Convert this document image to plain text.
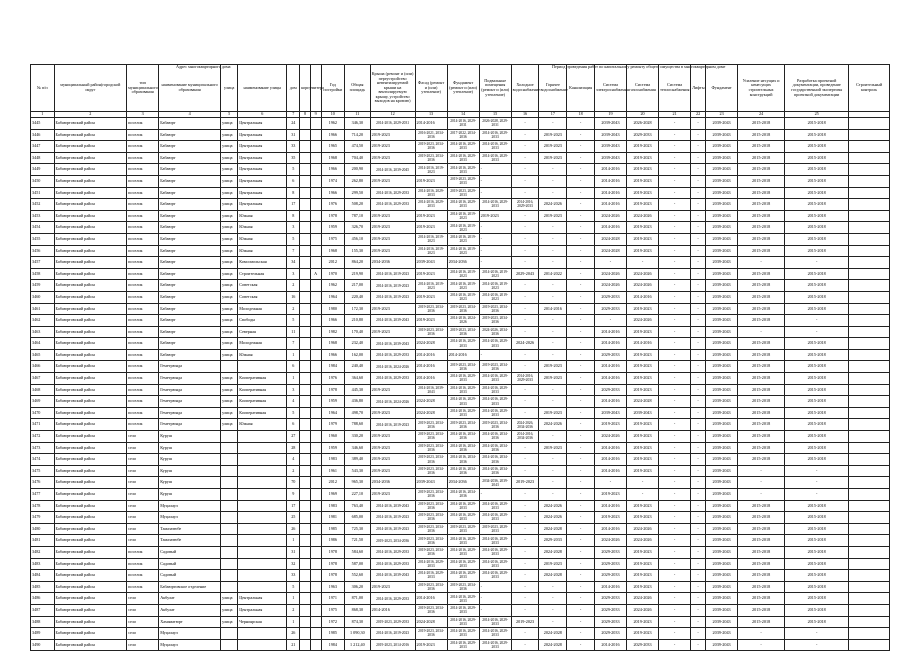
Адрес многоквартирного дома	Период проведения работ по капитальному ремонту общего имущества в многоквартирном доме
№ п/п	муниципальный район(городской округ	тип муниципального образования	наименование муниципального образования	улица	наименование улицы	дом	корпус	литера	Год постройки	Общая площадь	Крыша (ремонт и (или) переустройство невентилируемой крыши на вентилируемую крышу, устройство выходов на кровлю)	Фасад (ремонт и (или) утепление)	Фундамент (ремонт и (или) утепление)	Подвальные помещения (ремонт и (или) утепление)	Холодное водоснабжение	Горячее водоснабжение	Канализация	Система электроснабжения	Система газоснабжения	Система теплоснабжения	Лифты	Фундамент	Усиление несущих и ненесущих строительных конструкций	Разработка проектной документации, проведение государственной экспертизы проектной документации	Строительный контроль
1	2	3	4	5	6	7	8	9	10	11	12	13	14	15	16	17	18	19	20	21	22	23	24	25	
3445	Бабаюртовский район	поселок	Бабаюрт	улица	Центральная	24			1962	346,30	2014-2016, 2029-2031	2014-2016	2014-2016, 2029-2031	2026-2028, 2029-2031	-	-	-	2039-2043	2026-2028	-	-	2039-2043	2015-2018	2015-2018	
3446	Бабаюртовский район	поселок	Бабаюрт	улица	Центральная	31			1966	714,20	2019-2023	2016-2021, 2034-2036	2017-2022, 2034-2036	2014-2016, 2029-2033	-	2019-2023	-	2039-2043	2029-2033	-	-	2039-2043	2015-2018	2015-2018	
3447	Бабаюртовский район	поселок	Бабаюрт	улица	Центральная	33			1965	474,50	2019-2023	2019-2023, 2034-2036	2014-2016, 2029-2033	2014-2016, 2029-2033	-	2019-2023	-	2039-2043	2019-2023	-	-	2039-2043	2015-2018	2015-2018	
3448	Бабаюртовский район	поселок	Бабаюрт	улица	Центральная	35			1968	704,40	2019-2023	2019-2023, 2034-2036	2014-2016, 2029-2033	2014-2016, 2029-2033	-	2019-2023	-	2039-2043	2019-2023	-	-	2039-2043	2015-2018	2015-2018	
3449	Бабаюртовский район	поселок	Бабаюрт	улица	Центральная	5			1966	200,90	2014-2016, 2039-2045	2014-2016, 2019-2023	2014-2016, 2029-2033	-	-	-	-	2014-2016	2019-2023	-	-	2039-2043	2015-2018	2015-2018	
3450	Бабаюртовский район	поселок	Бабаюрт	улица	Центральная	6			1974	262,80	2019-2023	2019-2023	2019-2023, 2029-2033	-	-	-	-	2014-2016	2019-2023	-	-	2039-2043	2015-2018	2015-2018	
3451	Бабаюртовский район	поселок	Бабаюрт	улица	Центральная	8			1966	299,50	2014-2016, 2029-2033	2014-2016, 2029-2033	2019-2023, 2029-2033	-	-	-	-	2014-2016	2019-2023	-	-	2039-2043	2015-2018	2015-2018	
3452	Бабаюртовский район	поселок	Бабаюрт	улица	Центральная	17			1976	508,20	2014-2016, 2029-2033	2014-2016, 2029-2033	2014-2016, 2029-2033	2014-2016, 2029-2033	2014-2016, 2029-2033	2024-2026	-	2014-2016	2019-2023	-	-	2039-2043	2015-2018	2015-2018	
3453	Бабаюртовский район	поселок	Бабаюрт	улица	Южная	8			1978	787,10	2019-2023	2019-2023	2014-2016, 2019-2023	2019-2023	-	2019-2023	-	2024-2026	2024-2026	-	-	2039-2043	2015-2018	2015-2018	
3454	Бабаюртовский район	поселок	Бабаюрт	улица	Южная	3			1959	326,70	2019-2023	2019-2023	2014-2016, 2019-2023	-	-	-	-	2014-2016	2019-2023	-	-	2039-2043	2015-2018	2015-2018	
3455	Бабаюртовский район	поселок	Бабаюрт	улица	Южная	5			1975	456,10	2019-2023	2014-2016, 2019-2023	2014-2016, 2019-2023	-	-	-	-	2024-2028	2019-2023	-	-	2039-2043	2015-2018	2015-2018	
3456	Бабаюртовский район	поселок	Бабаюрт	улица	Южная	7			1968	155,30	2019-2023	2014-2016, 2019-2023	2014-2016, 2019-2023	-	-	-	-	2024-2028	2019-2023	-	-	2039-2043	2015-2018	2015-2018	
3457	Бабаюртовский район	поселок	Бабаюрт	улица	Комсомольская	34			2012	864,20	2034-2036	2039-2043	2034-2036	-	-	-	-	-	-	-	-	2039-2043	-	-	
3458	Бабаюртовский район	поселок	Бабаюрт	улица	Строительная	3		А	1970	219,90	2014-2016, 2019-2023	2019-2023	2014-2016, 2019-2023	2014-2016, 2019-2023	2029-2043	2014-2022	-	2024-2026	2024-2026	-	-	2039-2043	2015-2018	2015-2018	
3459	Бабаюртовский район	поселок	Бабаюрт	улица	Советская	2			1962	217,00	2014-2016, 2019-2023	2014-2016, 2019-2023	2014-2016, 2019-2023	2014-2016, 2019-2023	-	-	-	2024-2026	2024-2026	-	-	2039-2043	2015-2018	2015-2018	
3460	Бабаюртовский район	поселок	Бабаюрт	улица	Советская	16			1964	220,40	2014-2016, 2019-2023	2019-2023	2014-2016, 2019-2023	2014-2016, 2019-2023	-	-	-	2029-2033	2014-2016	-	-	2039-2043	2015-2018	2015-2018	
3461	Бабаюртовский район	поселок	Бабаюрт	улица	Молодежная	2			1980	172,30	2019-2023	2019-2023, 2034-2036	2019-2023, 2034-2036	2019-2023, 2034-2036	-	2014-2016	-	2029-2033	2019-2023	-	-	2039-2043	2015-2018	2015-2018	
3462	Бабаюртовский район	поселок	Бабаюрт	улица	Свободы	5			1966	210,80	2014-2016, 2039-2043	2019-2023	2014-2016, 2024-2026	2019-2023, 2034-2036	-	-	-	-	2024-2026	-	-	2039-2043	2015-2018	-	
3463	Бабаюртовский район	поселок	Бабаюрт	улица	Северная	11			1982	170,40	2019-2023	2019-2023, 2034-2036	2019-2023, 2034-2036	2024-2026, 2034-2036	-	-	-	2014-2016	2019-2023	-	-	2039-2043	-	-	
3464	Бабаюртовский район	поселок	Бабаюрт	улица	Молодежная	7			1968	232,40	2014-2016, 2039-2043	2024-2028	2014-2016, 2029-2033	2014-2016, 2029-2033	2024-2026	-	-	2014-2016	2014-2016	-	-	2039-2043	2015-2018	2015-2018	
3465	Бабаюртовский район	поселок	Бабаюрт	улица	Южная	1			1966	162,00	2014-2016, 2029-2033	2014-2016	2014-2016	-	-	-	-	2029-2033	2019-2023	-	-	2039-2043	2015-2018	2015-2018	
3466	Бабаюртовский район	поселок	Геметрюнда			6			1984	240,40	2014-2016, 2024-2026	2014-2016	2019-2023, 2034-2036	2019-2023, 2034-2036	-	2019-2023	-	2014-2016	2019-2023	-	-	2039-2043	2015-2018	2015-2018	
3467	Бабаюртовский район	поселок	Геметрюнда	улица	Кооперативная	1			1976	364,60	2014-2016, 2029-2033	2014-2016	2014-2016, 2029-2033	2014-2016, 2029-2033	2014-2016, 2029-2033	2019-2023	-	2014-2016	2019-2023	-	-	2039-2043	2015-2018	2015-2018	
3468	Бабаюртовский район	поселок	Геметрюнда	улица	Кооперативная	3			1978	445,30	2019-2023	2014-2016, 2039-2043	2014-2016, 2029-2033	2014-2016, 2029-2033	-	-	-	2029-2033	2019-2023	-	-	2039-2043	2015-2018	2015-2018	
3469	Бабаюртовский район	поселок	Геметрюнда	улица	Кооперативная	4			1959	436,80	2014-2016, 2024-2026	2024-2028	2014-2016, 2029-2033	2014-2016, 2029-2033	-	-	-	2014-2016	2024-2028	-	-	2039-2043	2015-2018	2015-2018	
3470	Бабаюртовский район	поселок	Геметрюнда	улица	Кооперативная	5			1964	498,70	2019-2023	2024-2028	2014-2016, 2029-2033	2014-2016, 2029-2033	-	2019-2023	-	2039-2043	2039-2043	-	-	2039-2043	2015-2018	2015-2018	
3471	Бабаюртовский район	поселок	Геметрюнда	улица	Южная	6			1979	788,60	2014-2016, 2019-2023	2019-2023, 2034-2036	2019-2023, 2034-2036	2019-2023, 2034-2036	2024-2026, 2034-2036	2024-2026	-	2019-2023	2019-2023	-	-	2039-2043	2015-2018	2015-2018	
3472	Бабаюртовский район	село	Куруш			27			1960	330,20	2019-2023	2019-2023, 2034-2036	2014-2016, 2034-2036	2014-2016, 2034-2036	2014-2016, 2034-2036	-	-	2024-2026	2019-2023	-	-	2039-2043	2015-2018	2015-2018	
3473	Бабаюртовский район	село	Куруш			28			1959	346,60	2019-2023	2019-2023, 2034-2036	2014-2016, 2034-2036	2014-2016, 2034-2036	-	2019-2023	-	2014-2016	2019-2023	-	-	2039-2043	2015-2018	2015-2018	
3474	Бабаюртовский район	село	Куруш			4			1983	389,40	2019-2023	2019-2023, 2034-2036	2014-2016, 2034-2036	2014-2016, 2034-2036	-	-	-	2014-2016	2019-2023	-	-	2039-2043	2015-2018	2015-2018	
3475	Бабаюртовский район	село	Куруш			2			1961	543,30	2019-2023	2019-2023, 2034-2036	2014-2016, 2034-2036	2014-2016, 2034-2036	-	-	-	2014-2016	2019-2023	-	-	2039-2043	-	-	
3476	Бабаюртовский район	село	Куруш			70			2012	965,30	2034-2036	2039-2043	2034-2036	2034-2036, 2039-2043	2019-2023	-	-	-	-	-	-	2039-2043	-	-	
3477	Бабаюртовский район	село	Куруш			9			1969	227,10	2019-2023	2019-2023, 2034-2036	2014-2016, 2034-2036	-	-	-	-	2019-2023	-	-	-	2039-2043	-	-	
3478	Бабаюртовский район	село	Муцалаул			17			1983	763,40	2014-2016, 2039-2043	2019-2023, 2034-2036	2014-2016, 2029-2033	2014-2016, 2029-2033	-	2024-2026	-	2014-2016	2019-2023	-	-	2039-2043	2015-2018	2015-2018	
3479	Бабаюртовский район	село	Муцалаул			25			1981	685,00	2014-2016, 2019-2023	2019-2023, 2034-2036	2014-2016, 2029-2033	2014-2016, 2029-2033	-	2024-2026	-	2019-2023	2019-2023	-	-	2039-2043	2015-2018	2015-2018	
3480	Бабаюртовский район	село	Тамазатюбе			26			1985	725,30	2014-2016, 2019-2023	2019-2023, 2034-2036	2019-2023, 2029-2033	2019-2023, 2029-2033	-	2024-2028	-	2014-2016	2024-2026	-	-	2039-2043	2015-2018	2015-2018	
3481	Бабаюртовский район	село	Тамазатюбе			1			1986	721,50	2019-2023, 2034-2036	2019-2023, 2034-2036	2014-2016, 2029-2033	2014-2016, 2029-2033	-	2029-2033	-	2024-2026	2024-2026	-	-	2039-2043	2015-2018	2015-2018	
3482	Бабаюртовский район	поселок	Садовый			31			1978	584,60	2014-2016, 2029-2033	2019-2023, 2034-2036	2014-2016, 2029-2033	2014-2016, 2029-2033	-	2024-2028	-	2029-2033	2019-2023	-	-	2039-2043	2015-2018	2015-2018	
3483	Бабаюртовский район	поселок	Садовый			32			1978	587,00	2014-2016, 2029-2033	2014-2016, 2029-2033	2014-2016, 2029-2033	2014-2016, 2029-2033	-	2019-2023	-	2029-2033	2019-2023	-	-	2039-2043	2015-2018	2015-2018	
3484	Бабаюртовский район	поселок	Садовый			33			1978	552,60	2014-2016, 2039-2043	2014-2016, 2029-2033	2014-2016, 2029-2033	2014-2016, 2029-2033	-	2024-2028	-	2029-2033	2019-2023	-	-	2039-2043	2015-2018	2015-2018	
3485	Бабаюртовский район	поселок	Бабаюртовское отделение			5			1963	306,20	2019-2023	2019-2023, 2034-2036	2019-2023, 2034-2036	-	-	-	-	2014-2016	2019-2023	-	-	2039-2043	2015-2018	2015-2018	
3486	Бабаюртовский район	село	Акбулат	улица	Центральная	1			1971	871,00	2014-2016, 2029-2033	2014-2016	2014-2016, 2029-2033	-	-	-	-	2029-2033	2024-2026	-	-	2039-2043	2015-2018	2015-2018	
3487	Бабаюртовский район	село	Акбулат	улица	Центральная	2			1975	868,30	2014-2016	2019-2023, 2034-2036	2014-2016, 2029-2033	-	-	-	-	2029-2033	2024-2026	-	-	2039-2043	2015-2018	2015-2018	
3488	Бабаюртовский район	село	Хамаматюрт	улица	Черноярская	1			1972	874,30	2019-2023, 2029-2033	2024-2028	2014-2016, 2029-2033	2014-2016, 2029-2033	2019-2023	-	-	2029-2033	2019-2023	-	-	2039-2043	2015-2018	2015-2018	
3489	Бабаюртовский район	село	Муцалаул			26			1985	1 090,30	2014-2016, 2019-2023	2019-2023, 2034-2036	2014-2016, 2029-2033	2014-2016, 2029-2033	-	2024-2028	-	2029-2033	2019-2023	-	-	2039-2043	-	-	
3490	Бабаюртовский район	село	Муцалаул			21			1984	1 212,40	2019-2023, 2014-2016	2019-2023	2014-2016, 2029-2033	2014-2016, 2029-2033	-	2024-2028	-	2014-2016	2029-2033	-	-	2039-2043	-	-	
